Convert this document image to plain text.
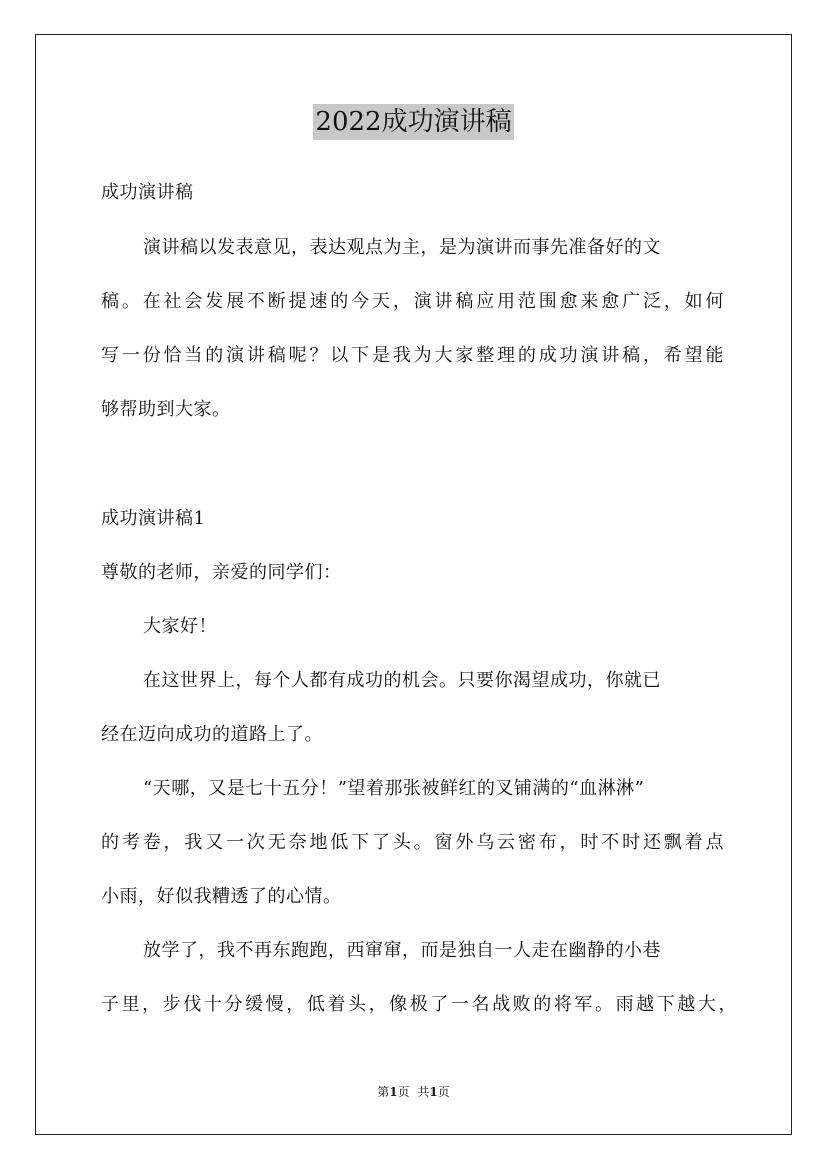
2022成功演讲稿
成功演讲稿
演讲稿以发表意见，表达观点为主，是为演讲而事先准备好的文
稿。在社会发展不断提速的今天，演讲稿应用范围愈来愈广泛，如何
写一份恰当的演讲稿呢？以下是我为大家整理的成功演讲稿，希望能
够帮助到大家。
成功演讲稿1
尊敬的老师，亲爱的同学们：
大家好！
在这世界上，每个人都有成功的机会。只要你渴望成功，你就已
经在迈向成功的道路上了。
“天哪，又是七十五分！”望着那张被鲜红的叉铺满的“血淋淋”
的考卷，我又一次无奈地低下了头。窗外乌云密布，时不时还飘着点
小雨，好似我糟透了的心情。
放学了，我不再东跑跑，西窜窜，而是独自一人走在幽静的小巷
子里，步伐十分缓慢，低着头，像极了一名战败的将军。雨越下越大，
第1页 共1页
